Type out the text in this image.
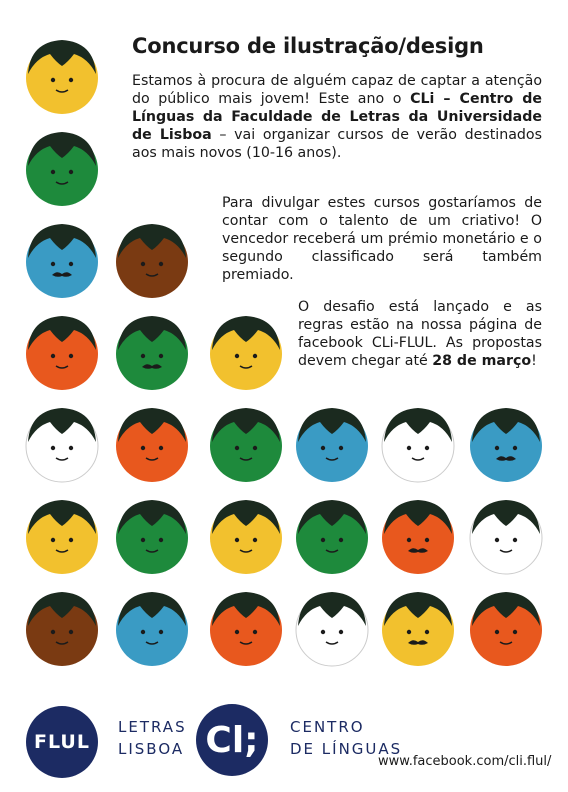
Concurso de ilustração/design
Estamos à procura de alguém capaz de captar a atenção do público mais jovem! Este ano o CLi – Centro de Línguas da Faculdade de Letras da Universidade de Lisboa – vai organizar cursos de verão destinados aos mais novos (10-16 anos).
Para divulgar estes cursos gostaríamos de contar com o talento de um criativo! O vencedor receberá um prémio monetário e o segundo classificado será também premiado.
O desafio está lançado e as regras estão na nossa página de facebook CLi-FLUL. As propostas devem chegar até 28 de março!
FLUL
LETRAS
LISBOA Cl;	CENTRO
DE LÍNGUAS
www.facebook.com/cli.flul/
